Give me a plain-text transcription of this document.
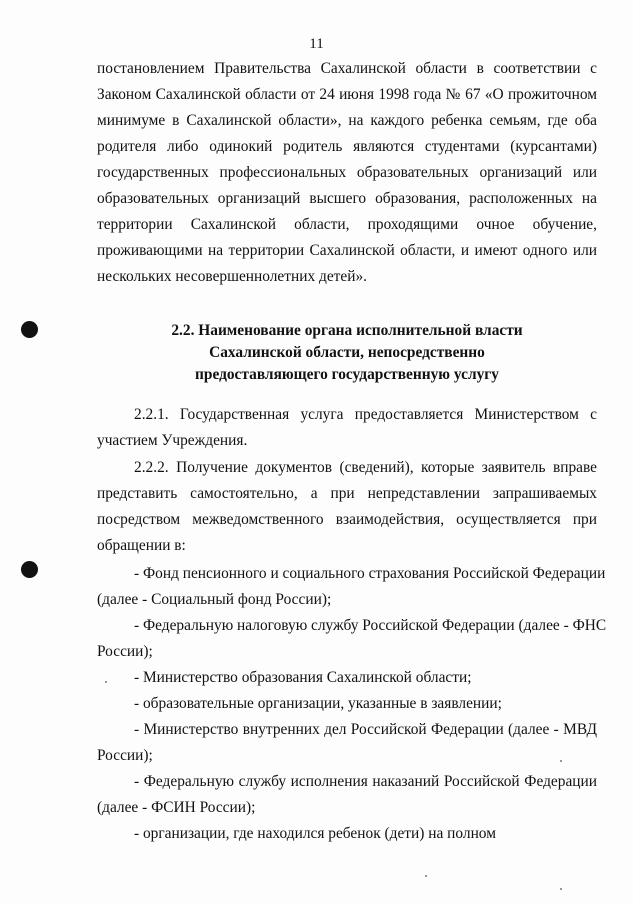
11
постановлением Правительства Сахалинской области в соответствии с
Законом Сахалинской области от 24 июня 1998 года № 67 «О прожиточном
минимуме в Сахалинской области», на каждого ребенка семьям, где оба
родителя либо одинокий родитель являются студентами (курсантами)
государственных профессиональных образовательных организаций или
образовательных организаций высшего образования, расположенных на
территории Сахалинской области, проходящими очное обучение,
проживающими на территории Сахалинской области, и имеют одного или
нескольких несовершеннолетних детей».
2.2. Наименование органа исполнительной власти
Сахалинской области, непосредственно
предоставляющего государственную услугу
2.2.1. Государственная услуга предоставляется Министерством с
участием Учреждения.
2.2.2. Получение документов (сведений), которые заявитель вправе
представить самостоятельно, а при непредставлении запрашиваемых
посредством межведомственного взаимодействия, осуществляется при
обращении в:
- Фонд пенсионного и социального страхования Российской Федерации
(далее - Социальный фонд России);
- Федеральную налоговую службу Российской Федерации (далее - ФНС
России);
- Министерство образования Сахалинской области;
- образовательные организации, указанные в заявлении;
- Министерство внутренних дел Российской Федерации (далее - МВД
России);
- Федеральную службу исполнения наказаний Российской Федерации
(далее - ФСИН России);
- организации, где находился ребенок (дети) на полном
